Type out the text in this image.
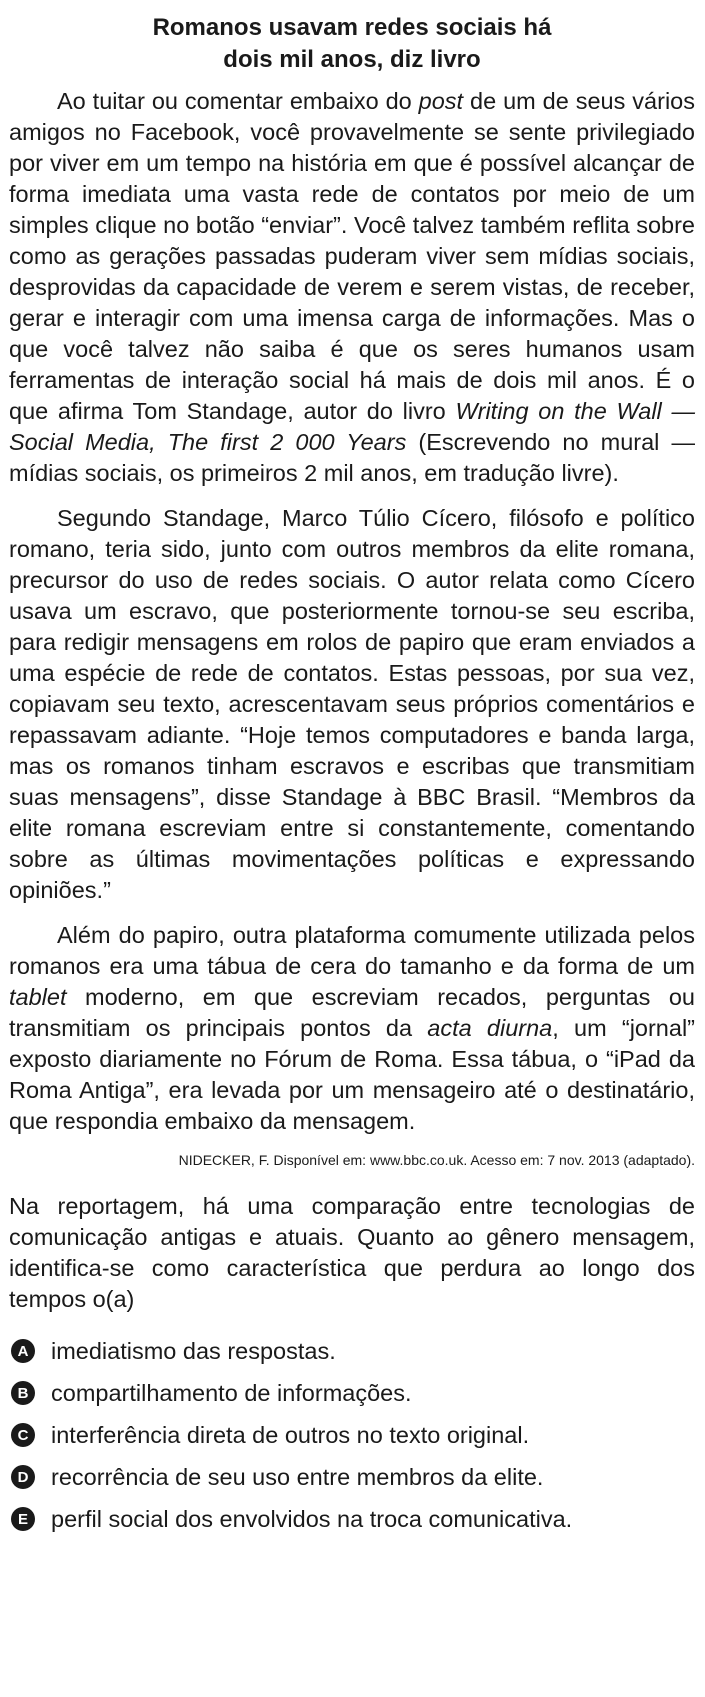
Romanos usavam redes sociais há
dois mil anos, diz livro

Ao tuitar ou comentar embaixo do post de um de seus vários amigos no Facebook, você provavelmente se sente privilegiado por viver em um tempo na história em que é possível alcançar de forma imediata uma vasta rede de contatos por meio de um simples clique no botão “enviar”. Você talvez também reflita sobre como as gerações passadas puderam viver sem mídias sociais, desprovidas da capacidade de verem e serem vistas, de receber, gerar e interagir com uma imensa carga de informações. Mas o que você talvez não saiba é que os seres humanos usam ferramentas de interação social há mais de dois mil anos. É o que afirma Tom Standage, autor do livro Writing on the Wall — Social Media, The first 2 000 Years (Escrevendo no mural — mídias sociais, os primeiros 2 mil anos, em tradução livre).

Segundo Standage, Marco Túlio Cícero, filósofo e político romano, teria sido, junto com outros membros da elite romana, precursor do uso de redes sociais. O autor relata como Cícero usava um escravo, que posteriormente tornou-se seu escriba, para redigir mensagens em rolos de papiro que eram enviados a uma espécie de rede de contatos. Estas pessoas, por sua vez, copiavam seu texto, acrescentavam seus próprios comentários e repassavam adiante. “Hoje temos computadores e banda larga, mas os romanos tinham escravos e escribas que transmitiam suas mensagens”, disse Standage à BBC Brasil. “Membros da elite romana escreviam entre si constantemente, comentando sobre as últimas movimentações políticas e expressando opiniões.”

Além do papiro, outra plataforma comumente utilizada pelos romanos era uma tábua de cera do tamanho e da forma de um tablet moderno, em que escreviam recados, perguntas ou transmitiam os principais pontos da acta diurna, um “jornal” exposto diariamente no Fórum de Roma. Essa tábua, o “iPad da Roma Antiga”, era levada por um mensageiro até o destinatário, que respondia embaixo da mensagem.

NIDECKER, F. Disponível em: www.bbc.co.uk. Acesso em: 7 nov. 2013 (adaptado).
Na reportagem, há uma comparação entre tecnologias de comunicação antigas e atuais. Quanto ao gênero mensagem, identifica-se como característica que perdura ao longo dos tempos o(a)
A imediatismo das respostas.
B compartilhamento de informações.
C interferência direta de outros no texto original.
D recorrência de seu uso entre membros da elite.
E perfil social dos envolvidos na troca comunicativa.
